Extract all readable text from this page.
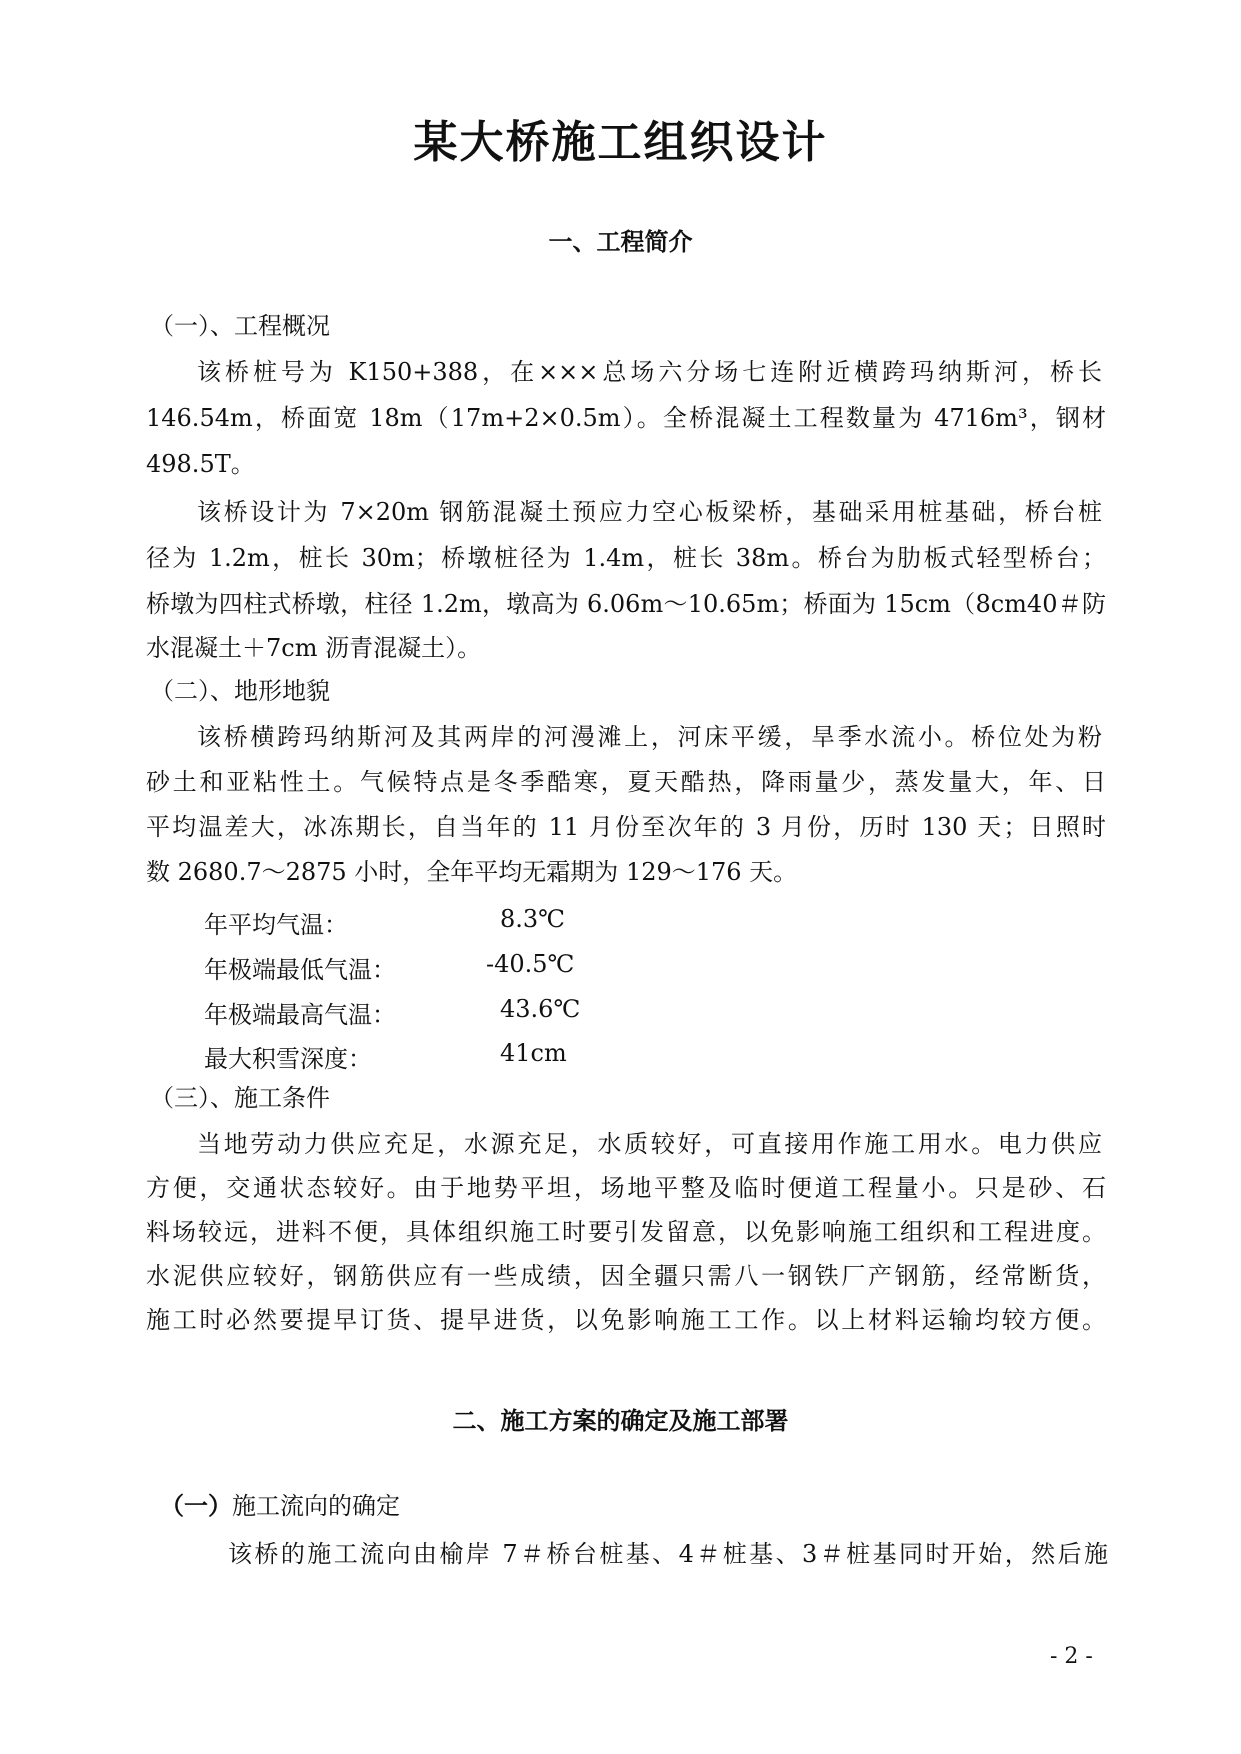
某大桥施工组织设计
一、工程简介

（一）、工程概况

该桥桩号为 K150+388，在×××总场六分场七连附近横跨玛纳斯河，桥长

146.54m，桥面宽 18m（17m+2×0.5m）。全桥混凝土工程数量为 4716m³，钢材

498.5T。

该桥设计为 7×20m 钢筋混凝土预应力空心板梁桥，基础采用桩基础，桥台桩

径为 1.2m，桩长 30m；桥墩桩径为 1.4m，桩长 38m。桥台为肋板式轻型桥台；

桥墩为四柱式桥墩，柱径 1.2m，墩高为 6.06m～10.65m；桥面为 15cm（8cm40＃防

水混凝土＋7cm 沥青混凝土）。

（二）、地形地貌

该桥横跨玛纳斯河及其两岸的河漫滩上，河床平缓，旱季水流小。桥位处为粉

砂土和亚粘性土。气候特点是冬季酷寒，夏天酷热，降雨量少，蒸发量大，年、日

平均温差大，冰冻期长，自当年的 11 月份至次年的 3 月份，历时 130 天；日照时

数 2680.7～2875 小时，全年平均无霜期为 129～176 天。

年平均气温：	8.3℃
年极端最低气温：	-40.5℃
年极端最高气温：	43.6℃
最大积雪深度：	41cm

（三）、施工条件

当地劳动力供应充足，水源充足，水质较好，可直接用作施工用水。电力供应

方便，交通状态较好。由于地势平坦，场地平整及临时便道工程量小。只是砂、石

料场较远，进料不便，具体组织施工时要引发留意，以免影响施工组织和工程进度。

水泥供应较好，钢筋供应有一些成绩，因全疆只需八一钢铁厂产钢筋，经常断货，

施工时必然要提早订货、提早进货，以免影响施工工作。以上材料运输均较方便。

二、施工方案的确定及施工部署

（一）施工流向的确定

该桥的施工流向由榆岸 7＃桥台桩基、4＃桩基、3＃桩基同时开始，然后施

- 2 -
